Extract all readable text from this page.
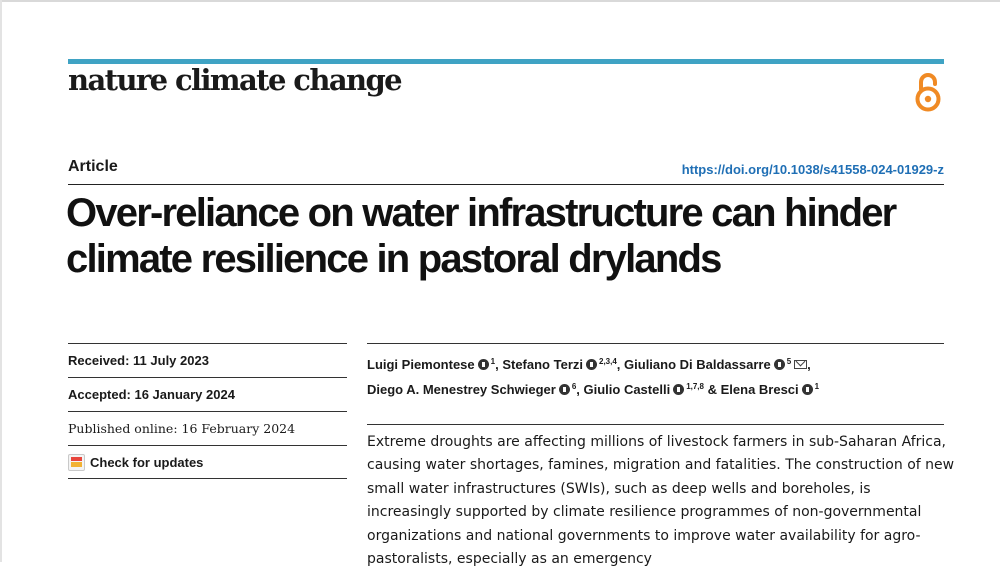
nature climate change
Article	https://doi.org/10.1038/s41558-024-01929-z
Over-reliance on water infrastructure can hinder climate resilience in pastoral drylands
Received:
11 July 2023
Accepted:
16 January 2024
Published online:
16 February 2024
Check for updates
Luigi Piemontese $^1$, Stefano Terzi $^{2,3,4}$, Giuliano Di Baldassarre $^5$ ,
Diego A. Menestrey Schwieger $^6$, Giulio Castelli $^{1,7,8}$ & Elena Bresci $^1$

Extreme droughts are affecting millions of livestock farmers in sub-Saharan Africa, causing water shortages, famines, migration and fatalities. The construction of new small water infrastructures (SWIs), such as deep wells and boreholes, is increasingly supported by climate resilience programmes of non-governmental organizations and national governments to improve water availability for agro-pastoralists, especially as an emergency
